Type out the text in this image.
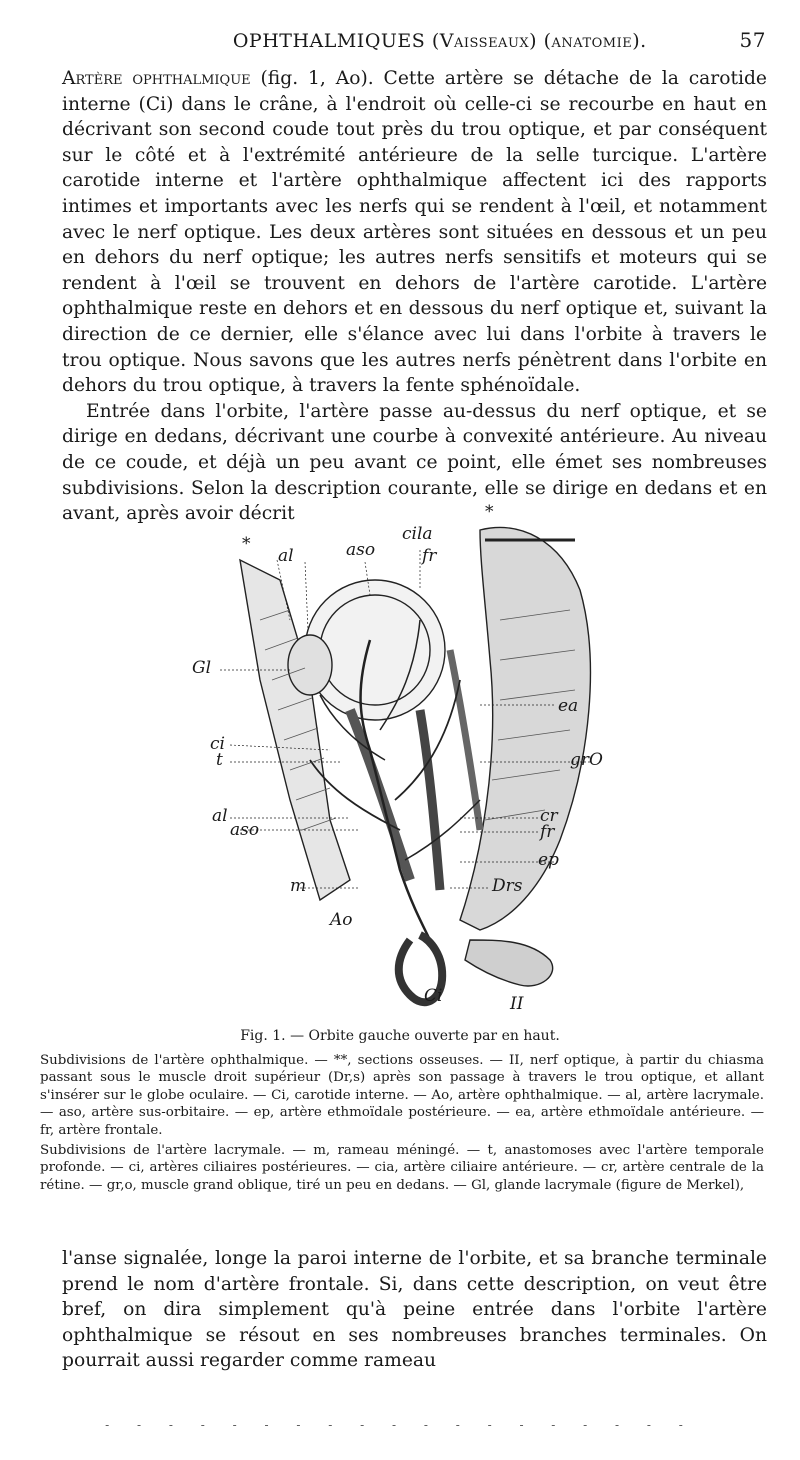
OPHTHALMIQUES (Vaisseaux) (anatomie).	57

Artère ophthalmique (fig. 1, Ao). Cette artère se détache de la carotide interne (Ci) dans le crâne, à l'endroit où celle-ci se recourbe en haut en décrivant son second coude tout près du trou optique, et par conséquent sur le côté et à l'extrémité antérieure de la selle turcique. L'artère carotide interne et l'artère ophthalmique affectent ici des rapports intimes et importants avec les nerfs qui se rendent à l'œil, et notamment avec le nerf optique. Les deux artères sont situées en dessous et un peu en dehors du nerf optique; les autres nerfs sensitifs et moteurs qui se rendent à l'œil se trouvent en dehors de l'artère carotide. L'artère ophthalmique reste en dehors et en dessous du nerf optique et, suivant la direction de ce dernier, elle s'élance avec lui dans l'orbite à travers le trou optique. Nous savons que les autres nerfs pénètrent dans l'orbite en dehors du trou optique, à travers la fente sphénoïdale.

Entrée dans l'orbite, l'artère passe au-dessus du nerf optique, et se dirige en dedans, décrivant une courbe à convexité antérieure. Au niveau de ce coude, et déjà un peu avant ce point, elle émet ses nombreuses subdivisions. Selon la description courante, elle se dirige en dedans et en avant, après avoir décrit

*
al	aso
cila
fr
*
Gl
ea
ci
t	grO
al
aso
cr
fr
ep
Drs
m
Ao
Ci	II
Fig. 1. — Orbite gauche ouverte par en haut.

Subdivisions de l'artère ophthalmique. — **, sections osseuses. — II, nerf optique, à partir du chiasma passant sous le muscle droit supérieur (Dr,s) après son passage à travers le trou optique, et allant s'insérer sur le globe oculaire. — Ci, carotide interne. — Ao, artère ophthalmique. — al, artère lacrymale. — aso, artère sus-orbitaire. — ep, artère ethmoïdale postérieure. — ea, artère ethmoïdale antérieure. — fr, artère frontale.

Subdivisions de l'artère lacrymale. — m, rameau méningé. — t, anastomoses avec l'artère temporale profonde. — ci, artères ciliaires postérieures. — cia, artère ciliaire antérieure. — cr, artère centrale de la rétine. — gr,o, muscle grand oblique, tiré un peu en dedans. — Gl, glande lacrymale (figure de Merkel),

l'anse signalée, longe la paroi interne de l'orbite, et sa branche terminale prend le nom d'artère frontale. Si, dans cette description, on veut être bref, on dira simplement qu'à peine entrée dans l'orbite l'artère ophthalmique se résout en ses nombreuses branches terminales. On pourrait aussi regarder comme rameau

- - - - - - - - - - - - - - - - - - -
